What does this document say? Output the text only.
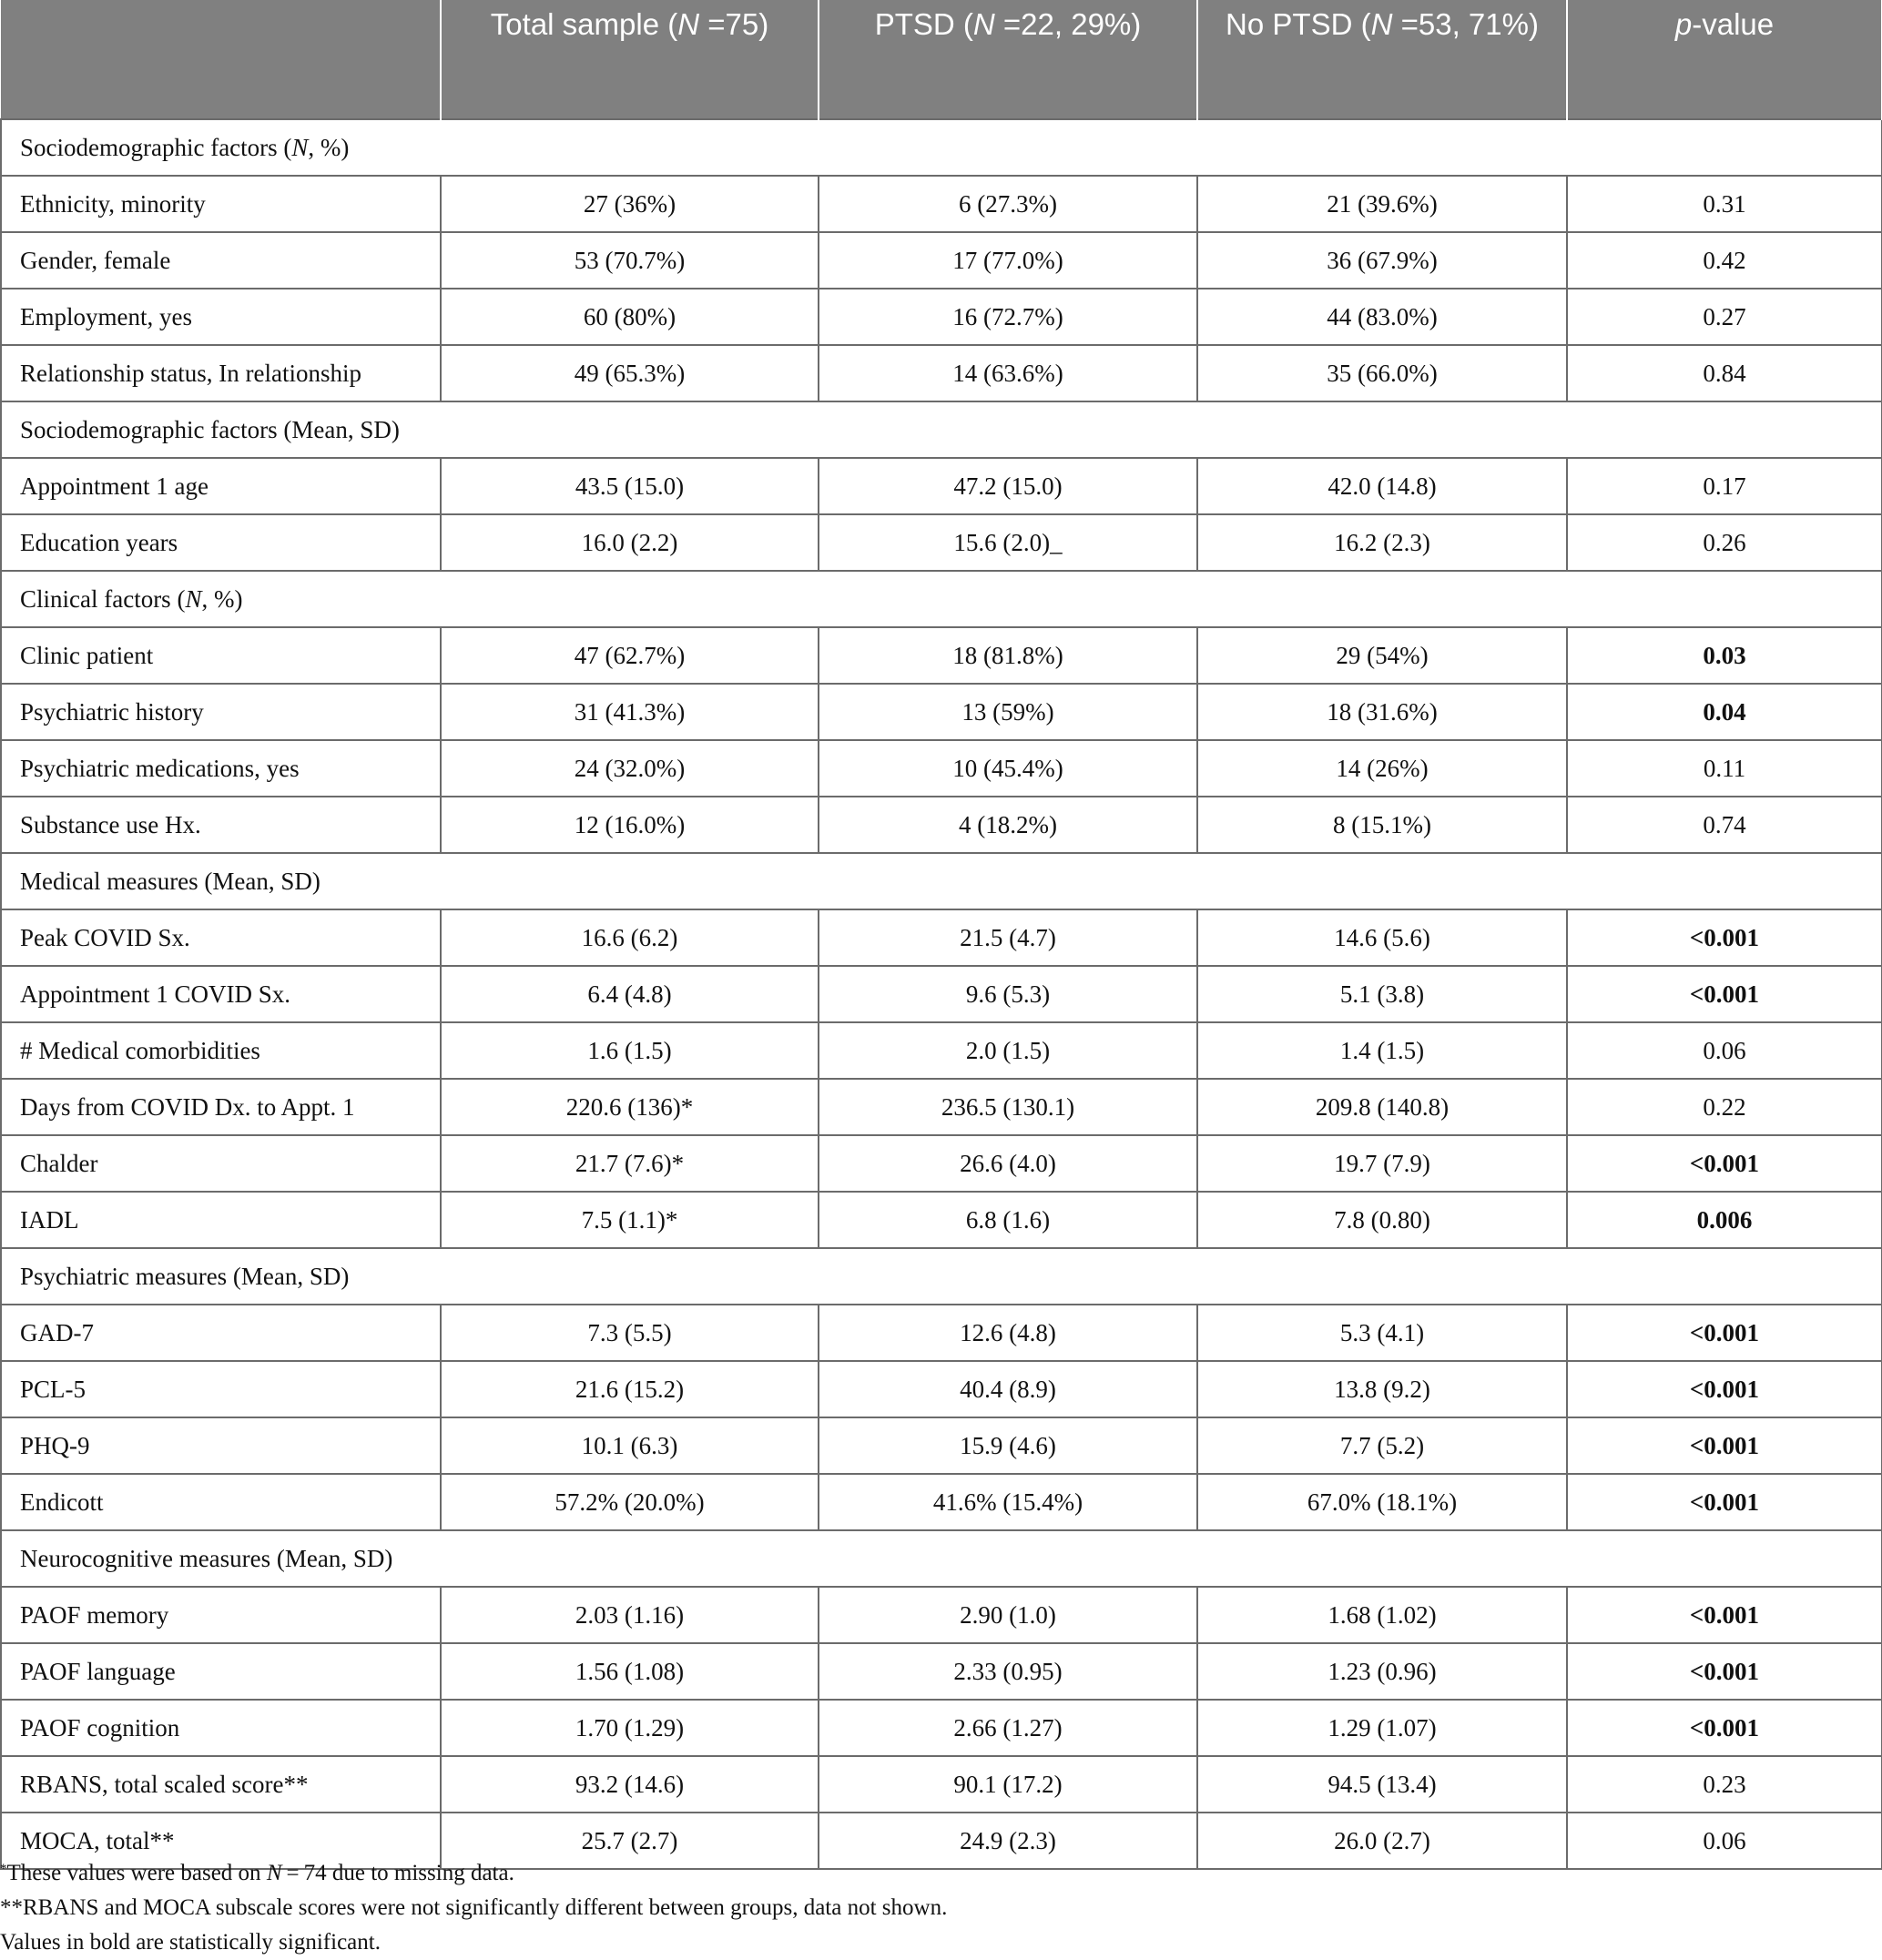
	Total sample (N =75)	PTSD (N =22, 29%)	No PTSD (N =53, 71%)	p-value
Sociodemographic factors (N, %)				
Ethnicity, minority	27 (36%)	6 (27.3%)	21 (39.6%)	0.31
Gender, female	53 (70.7%)	17 (77.0%)	36 (67.9%)	0.42
Employment, yes	60 (80%)	16 (72.7%)	44 (83.0%)	0.27
Relationship status, In relationship	49 (65.3%)	14 (63.6%)	35 (66.0%)	0.84
Sociodemographic factors (Mean, SD)				
Appointment 1 age	43.5 (15.0)	47.2 (15.0)	42.0 (14.8)	0.17
Education years	16.0 (2.2)	15.6 (2.0)_	16.2 (2.3)	0.26
Clinical factors (N, %)				
Clinic patient	47 (62.7%)	18 (81.8%)	29 (54%)	0.03
Psychiatric history	31 (41.3%)	13 (59%)	18 (31.6%)	0.04
Psychiatric medications, yes	24 (32.0%)	10 (45.4%)	14 (26%)	0.11
Substance use Hx.	12 (16.0%)	4 (18.2%)	8 (15.1%)	0.74
Medical measures (Mean, SD)				
Peak COVID Sx.	16.6 (6.2)	21.5 (4.7)	14.6 (5.6)	<0.001
Appointment 1 COVID Sx.	6.4 (4.8)	9.6 (5.3)	5.1 (3.8)	<0.001
# Medical comorbidities	1.6 (1.5)	2.0 (1.5)	1.4 (1.5)	0.06
Days from COVID Dx. to Appt. 1	220.6 (136)*	236.5 (130.1)	209.8 (140.8)	0.22
Chalder	21.7 (7.6)*	26.6 (4.0)	19.7 (7.9)	<0.001
IADL	7.5 (1.1)*	6.8 (1.6)	7.8 (0.80)	0.006
Psychiatric measures (Mean, SD)				
GAD-7	7.3 (5.5)	12.6 (4.8)	5.3 (4.1)	<0.001
PCL-5	21.6 (15.2)	40.4 (8.9)	13.8 (9.2)	<0.001
PHQ-9	10.1 (6.3)	15.9 (4.6)	7.7 (5.2)	<0.001
Endicott	57.2% (20.0%)	41.6% (15.4%)	67.0% (18.1%)	<0.001
Neurocognitive measures (Mean, SD)				
PAOF memory	2.03 (1.16)	2.90 (1.0)	1.68 (1.02)	<0.001
PAOF language	1.56 (1.08)	2.33 (0.95)	1.23 (0.96)	<0.001
PAOF cognition	1.70 (1.29)	2.66 (1.27)	1.29 (1.07)	<0.001
RBANS, total scaled score**	93.2 (14.6)	90.1 (17.2)	94.5 (13.4)	0.23
MOCA, total**	25.7 (2.7)	24.9 (2.3)	26.0 (2.7)	0.06
*These values were based on N = 74 due to missing data.
**RBANS and MOCA subscale scores were not significantly different between groups, data not shown.
Values in bold are statistically significant.
